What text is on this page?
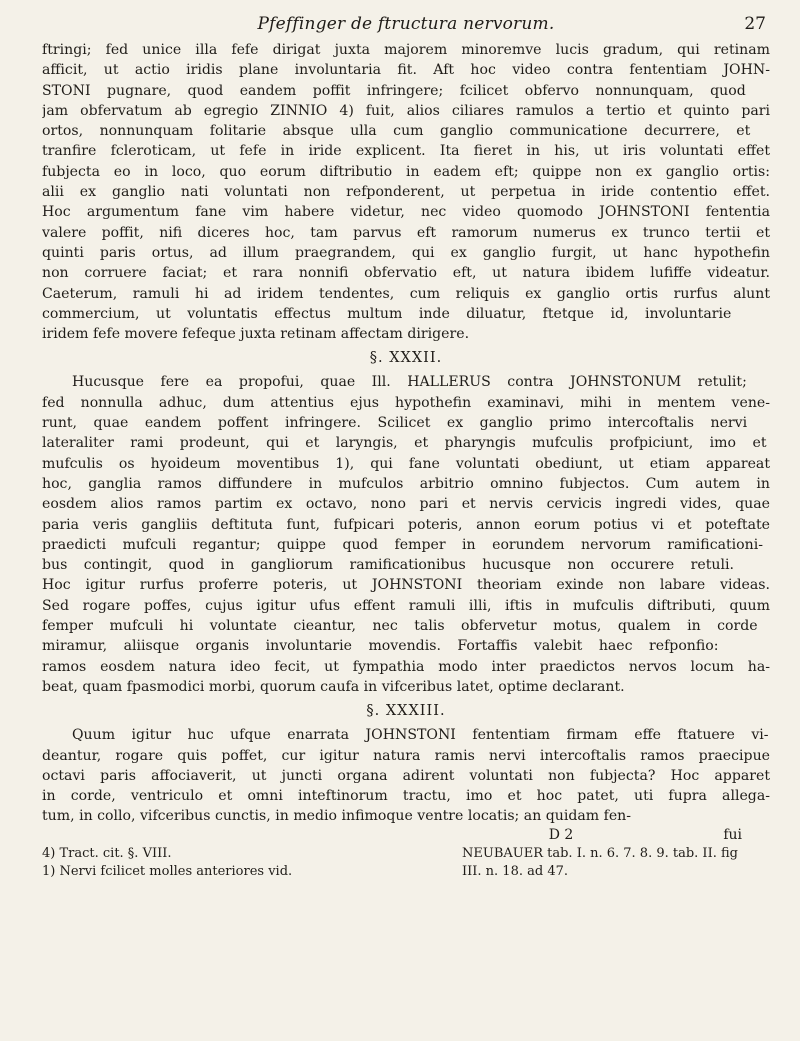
Pfeffinger de ftructura nervorum.	27
ftringi; fed unice illa fefe dirigat juxta majorem minoremve lucis gradum, qui retinam
afficit, ut actio iridis plane involuntaria fit. Aft hoc video contra fententiam JOHN-
STONI pugnare, quod eandem poffit infringere; fcilicet obfervo nonnunquam, quod
jam obfervatum ab egregio ZINNIO 4) fuit, alios ciliares ramulos a tertio et quinto pari
ortos, nonnunquam folitarie absque ulla cum ganglio communicatione decurrere, et
tranfire fcleroticam, ut fefe in iride explicent. Ita fieret in his, ut iris voluntati effet
fubjecta eo in loco, quo eorum diftributio in eadem eft; quippe non ex ganglio ortis:
alii ex ganglio nati voluntati non refponderent, ut perpetua in iride contentio effet.
Hoc argumentum fane vim habere videtur, nec video quomodo JOHNSTONI fententia
valere poffit, nifi diceres hoc, tam parvus eft ramorum numerus ex trunco tertii et
quinti paris ortus, ad illum praegrandem, qui ex ganglio furgit, ut hanc hypothefin
non corruere faciat; et rara nonnifi obfervatio eft, ut natura ibidem lufiffe videatur.
Caeterum, ramuli hi ad iridem tendentes, cum reliquis ex ganglio ortis rurfus alunt
commercium, ut voluntatis effectus multum inde diluatur, ftetque id, involuntarie
iridem fefe movere fefeque juxta retinam affectam dirigere.
§. XXXII.
Hucusque fere ea propofui, quae Ill. HALLERUS contra JOHNSTONUM retulit;
fed nonnulla adhuc, dum attentius ejus hypothefin examinavi, mihi in mentem vene-
runt, quae eandem poffent infringere. Scilicet ex ganglio primo intercoftalis nervi
lateraliter rami prodeunt, qui et laryngis, et pharyngis mufculis profpiciunt, imo et
mufculis os hyoideum moventibus 1), qui fane voluntati obediunt, ut etiam appareat
hoc, ganglia ramos diffundere in mufculos arbitrio omnino fubjectos. Cum autem in
eosdem alios ramos partim ex octavo, nono pari et nervis cervicis ingredi vides, quae
paria veris gangliis deftituta funt, fufpicari poteris, annon eorum potius vi et poteftate
praedicti mufculi regantur; quippe quod femper in eorundem nervorum ramificationi-
bus contingit, quod in gangliorum ramificationibus hucusque non occurere retuli.
Hoc igitur rurfus proferre poteris, ut JOHNSTONI theoriam exinde non labare videas.
Sed rogare poffes, cujus igitur ufus effent ramuli illi, iftis in mufculis diftributi, quum
femper mufculi hi voluntate cieantur, nec talis obfervetur motus, qualem in corde
miramur, aliisque organis involuntarie movendis. Fortaffis valebit haec refponfio:
ramos eosdem natura ideo fecit, ut fympathia modo inter praedictos nervos locum ha-
beat, quam fpasmodici morbi, quorum caufa in vifceribus latet, optime declarant.
§. XXXIII.
Quum igitur huc ufque enarrata JOHNSTONI fententiam firmam effe ftatuere vi-
deantur, rogare quis poffet, cur igitur natura ramis nervi intercoftalis ramos praecipue
octavi paris affociaverit, ut juncti organa adirent voluntati non fubjecta? Hoc apparet
in corde, ventriculo et omni inteftinorum tractu, imo et hoc patet, uti fupra allega-
tum, in collo, vifceribus cunctis, in medio infimoque ventre locatis; an quidam fen-
D 2	fui
4) Tract. cit. §. VIII.	NEUBAUER tab. I. n. 6. 7. 8. 9. tab. II. fig
1) Nervi fcilicet molles anteriores vid.	III. n. 18. ad 47.
